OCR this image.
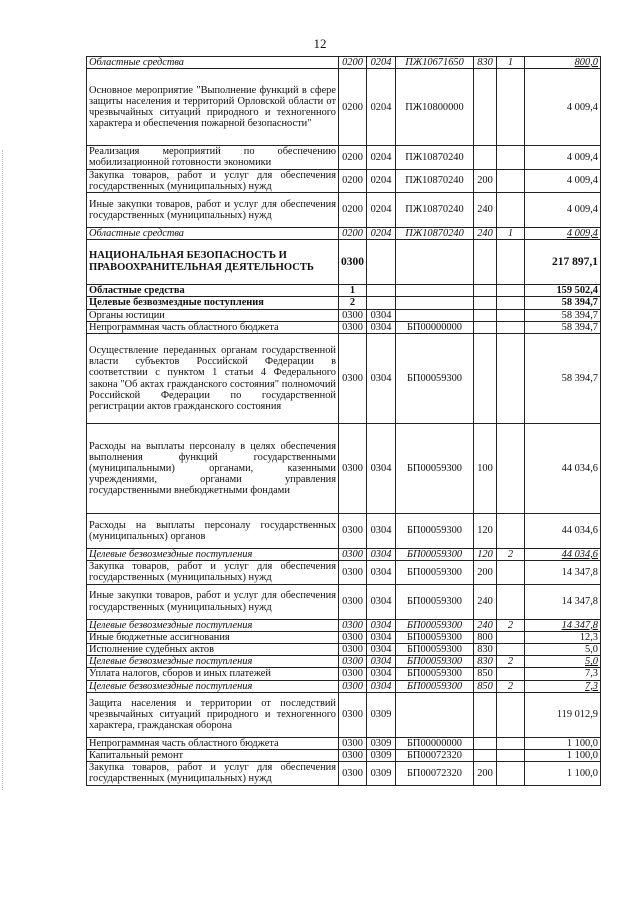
12
Областные средства	0200	0204	ПЖ10671650	830	1	800,0
Основное мероприятие "Выполнение функций в сфере защиты населения и территорий Орловской области от чрезвычайных ситуаций природного и техногенного характера и обеспечения пожарной безопасности"	0200	0204	ПЖ10800000			4 009,4
Реализация мероприятий по обеспечению мобилизационной готовности экономики	0200	0204	ПЖ10870240			4 009,4
Закупка товаров, работ и услуг для обеспечения государственных (муниципальных) нужд	0200	0204	ПЖ10870240	200		4 009,4
Иные закупки товаров, работ и услуг для обеспечения государственных (муниципальных) нужд	0200	0204	ПЖ10870240	240		4 009,4
Областные средства	0200	0204	ПЖ10870240	240	1	4 009,4
НАЦИОНАЛЬНАЯ БЕЗОПАСНОСТЬ И ПРАВООХРАНИТЕЛЬНАЯ ДЕЯТЕЛЬНОСТЬ	0300					217 897,1
Областные средства	1					159 502,4
Целевые безвозмездные поступления	2					58 394,7
Органы юстиции	0300	0304				58 394,7
Непрограммная часть областного бюджета	0300	0304	БП00000000			58 394,7
Осуществление переданных органам государственной власти субъектов Российской Федерации в соответствии с пунктом 1 статьи 4 Федерального закона "Об актах гражданского состояния" полномочий Российской Федерации по государственной регистрации актов гражданского состояния	0300	0304	БП00059300			58 394,7
Расходы на выплаты персоналу в целях обеспечения выполнения функций государственными (муниципальными) органами, казенными учреждениями, органами управления государственными внебюджетными фондами	0300	0304	БП00059300	100		44 034,6
Расходы на выплаты персоналу государственных (муниципальных) органов	0300	0304	БП00059300	120		44 034,6
Целевые безвозмездные поступления	0300	0304	БП00059300	120	2	44 034,6
Закупка товаров, работ и услуг для обеспечения государственных (муниципальных) нужд	0300	0304	БП00059300	200		14 347,8
Иные закупки товаров, работ и услуг для обеспечения государственных (муниципальных) нужд	0300	0304	БП00059300	240		14 347,8
Целевые безвозмездные поступления	0300	0304	БП00059300	240	2	14 347,8
Иные бюджетные ассигнования	0300	0304	БП00059300	800		12,3
Исполнение судебных актов	0300	0304	БП00059300	830		5,0
Целевые безвозмездные поступления	0300	0304	БП00059300	830	2	5,0
Уплата налогов, сборов и иных платежей	0300	0304	БП00059300	850		7,3
Целевые безвозмездные поступления	0300	0304	БП00059300	850	2	7,3
Защита населения и территории от последствий чрезвычайных ситуаций природного и техногенного характера, гражданская оборона	0300	0309				119 012,9
Непрограммная часть областного бюджета	0300	0309	БП00000000			1 100,0
Капитальный ремонт	0300	0309	БП00072320			1 100,0
Закупка товаров, работ и услуг для обеспечения государственных (муниципальных) нужд	0300	0309	БП00072320	200		1 100,0
